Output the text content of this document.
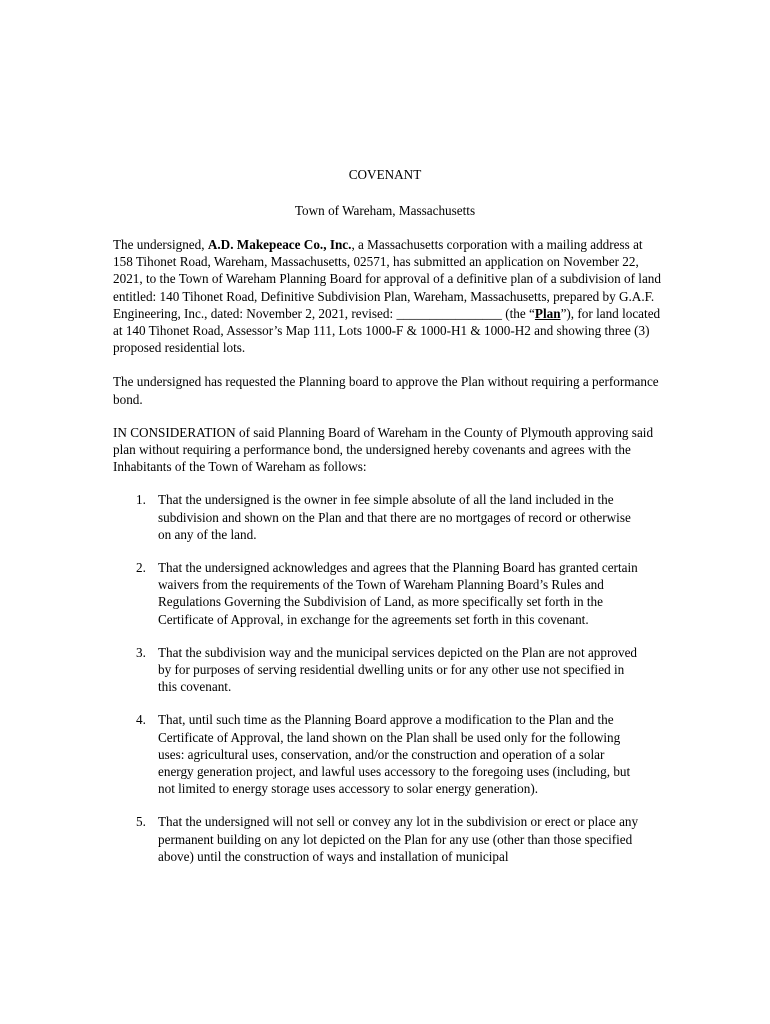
COVENANT
Town of Wareham, Massachusetts

The undersigned, A.D. Makepeace Co., Inc., a Massachusetts corporation with a mailing address at 158 Tihonet Road, Wareham, Massachusetts, 02571, has submitted an application on November 22, 2021, to the Town of Wareham Planning Board for approval of a definitive plan of a subdivision of land entitled: 140 Tihonet Road, Definitive Subdivision Plan, Wareham, Massachusetts, prepared by G.A.F. Engineering, Inc., dated: November 2, 2021, revised: ________________ (the “Plan”), for land located at 140 Tihonet Road, Assessor’s Map 111, Lots 1000-F & 1000-H1 & 1000-H2 and showing three (3) proposed residential lots.

The undersigned has requested the Planning board to approve the Plan without requiring a performance bond.

IN CONSIDERATION of said Planning Board of Wareham in the County of Plymouth approving said plan without requiring a performance bond, the undersigned hereby covenants and agrees with the Inhabitants of the Town of Wareham as follows:

1. That the undersigned is the owner in fee simple absolute of all the land included in the subdivision and shown on the Plan and that there are no mortgages of record or otherwise on any of the land.
2. That the undersigned acknowledges and agrees that the Planning Board has granted certain waivers from the requirements of the Town of Wareham Planning Board’s Rules and Regulations Governing the Subdivision of Land, as more specifically set forth in the Certificate of Approval, in exchange for the agreements set forth in this covenant.
3. That the subdivision way and the municipal services depicted on the Plan are not approved by for purposes of serving residential dwelling units or for any other use not specified in this covenant.
4. That, until such time as the Planning Board approve a modification to the Plan and the Certificate of Approval, the land shown on the Plan shall be used only for the following uses: agricultural uses, conservation, and/or the construction and operation of a solar energy generation project, and lawful uses accessory to the foregoing uses (including, but not limited to energy storage uses accessory to solar energy generation).
5. That the undersigned will not sell or convey any lot in the subdivision or erect or place any permanent building on any lot depicted on the Plan for any use (other than those specified above) until the construction of ways and installation of municipal
